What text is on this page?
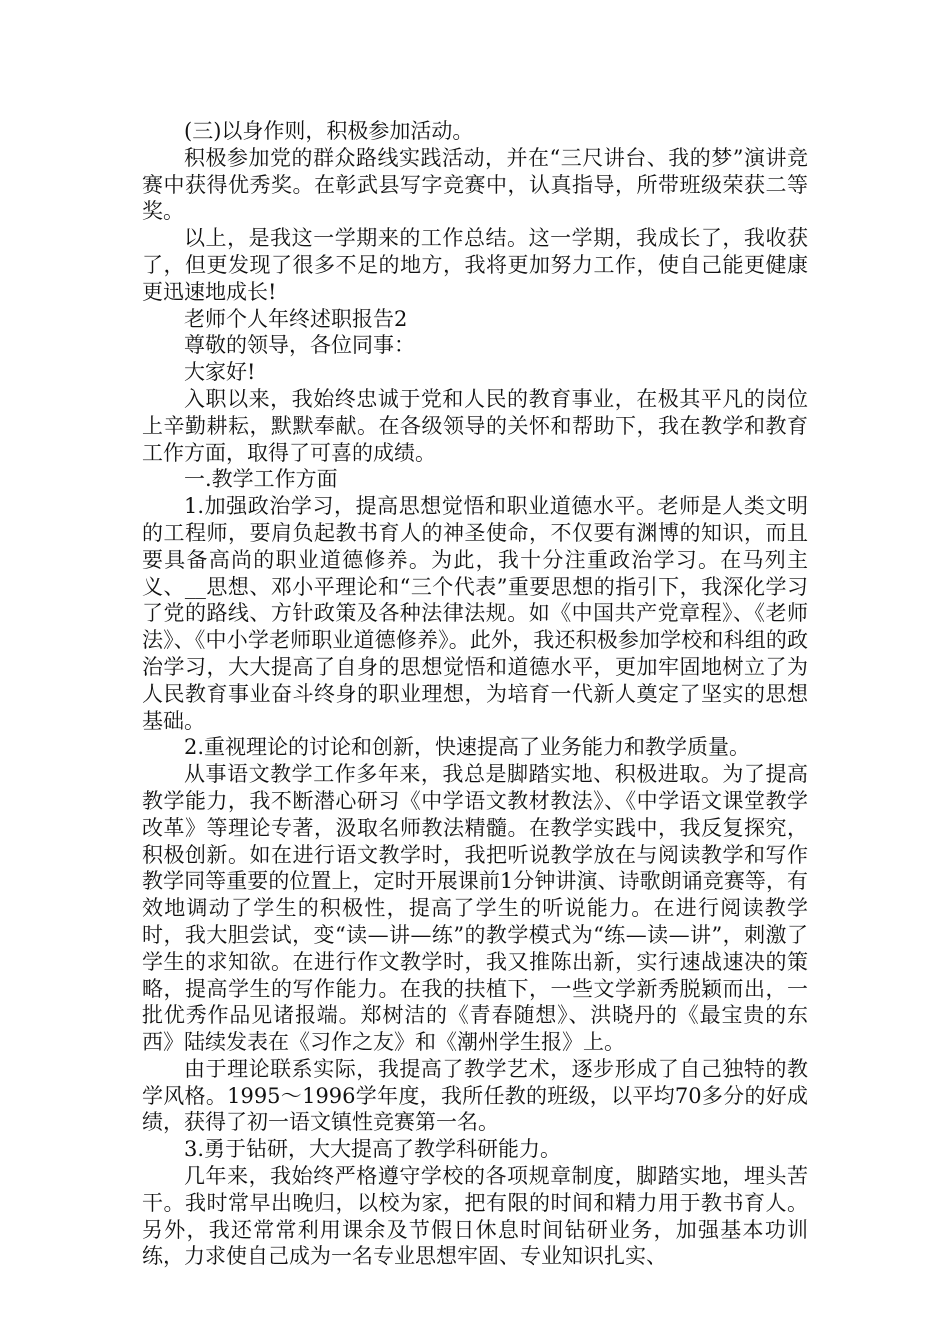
(三)以身作则，积极参加活动。

积极参加党的群众路线实践活动，并在“三尺讲台、我的梦”演讲竞赛中获得优秀奖。在彰武县写字竞赛中，认真指导，所带班级荣获二等奖。

以上，是我这一学期来的工作总结。这一学期，我成长了，我收获了，但更发现了很多不足的地方，我将更加努力工作，使自己能更健康更迅速地成长!

老师个人年终述职报告2

尊敬的领导，各位同事：

大家好!

入职以来，我始终忠诚于党和人民的教育事业，在极其平凡的岗位上辛勤耕耘，默默奉献。在各级领导的关怀和帮助下，我在教学和教育工作方面，取得了可喜的成绩。

一.教学工作方面

1.加强政治学习，提高思想觉悟和职业道德水平。老师是人类文明的工程师，要肩负起教书育人的神圣使命，不仅要有渊博的知识，而且要具备高尚的职业道德修养。为此，我十分注重政治学习。在马列主义、__思想、邓小平理论和“三个代表”重要思想的指引下，我深化学习了党的路线、方针政策及各种法律法规。如《中国共产党章程》、《老师法》、《中小学老师职业道德修养》。此外，我还积极参加学校和科组的政治学习，大大提高了自身的思想觉悟和道德水平，更加牢固地树立了为人民教育事业奋斗终身的职业理想，为培育一代新人奠定了坚实的思想基础。

2.重视理论的讨论和创新，快速提高了业务能力和教学质量。

从事语文教学工作多年来，我总是脚踏实地、积极进取。为了提高教学能力，我不断潜心研习《中学语文教材教法》、《中学语文课堂教学改革》等理论专著，汲取名师教法精髓。在教学实践中，我反复探究，积极创新。如在进行语文教学时，我把听说教学放在与阅读教学和写作教学同等重要的位置上，定时开展课前1分钟讲演、诗歌朗诵竞赛等，有效地调动了学生的积极性，提高了学生的听说能力。在进行阅读教学时，我大胆尝试，变“读—讲—练”的教学模式为“练—读—讲”，刺激了学生的求知欲。在进行作文教学时，我又推陈出新，实行速战速决的策略，提高学生的写作能力。在我的扶植下，一些文学新秀脱颖而出，一批优秀作品见诸报端。郑树洁的《青春随想》、洪晓丹的《最宝贵的东西》陆续发表在《习作之友》和《潮州学生报》上。

由于理论联系实际，我提高了教学艺术，逐步形成了自己独特的教学风格。1995～1996学年度，我所任教的班级，以平均70多分的好成绩，获得了初一语文镇性竞赛第一名。

3.勇于钻研，大大提高了教学科研能力。

几年来，我始终严格遵守学校的各项规章制度，脚踏实地，埋头苦干。我时常早出晚归，以校为家，把有限的时间和精力用于教书育人。另外，我还常常利用课余及节假日休息时间钻研业务，加强基本功训练，力求使自己成为一名专业思想牢固、专业知识扎实、
